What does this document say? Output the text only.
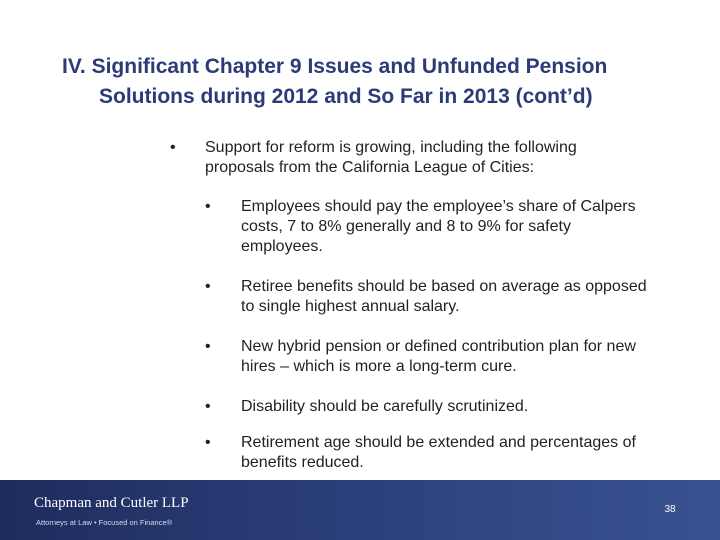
IV. Significant Chapter 9 Issues and Unfunded Pension
Solutions during 2012 and So Far in 2013 (cont’d)
• Support for reform is growing, including the following
proposals from the California League of Cities:
• Employees should pay the employee’s share of Calpers
costs, 7 to 8% generally and 8 to 9% for safety
employees.
• Retiree benefits should be based on average as opposed
to single highest annual salary.
• New hybrid pension or defined contribution plan for new
hires – which is more a long-term cure.
• Disability should be carefully scrutinized.
• Retirement age should be extended and percentages of
benefits reduced.
Chapman and Cutler LLP
Attorneys at Law • Focused on Finance®
38
